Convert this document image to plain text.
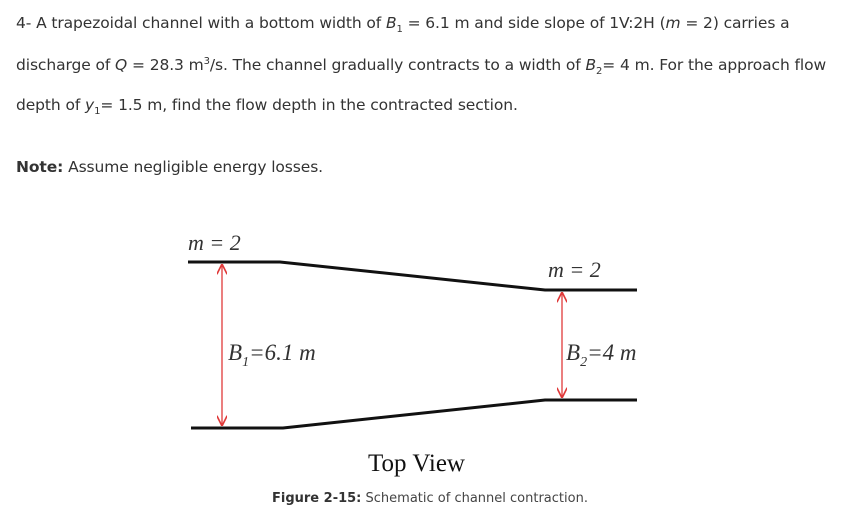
4- A trapezoidal channel with a bottom width of $B_1 = 6.1$ m and side slope of 1V:2H (m = 2) carries a
discharge of Q = 28.3 $m^3/s$. The channel gradually contracts to a width of $B_2= 4$ m. For the approach flow
depth of $y_1= 1.5$ m, find the flow depth in the contracted section.
Note: Assume negligible energy losses.
m = 2
m = 2
$B_1=6.1$ m	$B_2=4$ m
Top View
Figure 2-15: Schematic of channel contraction.
